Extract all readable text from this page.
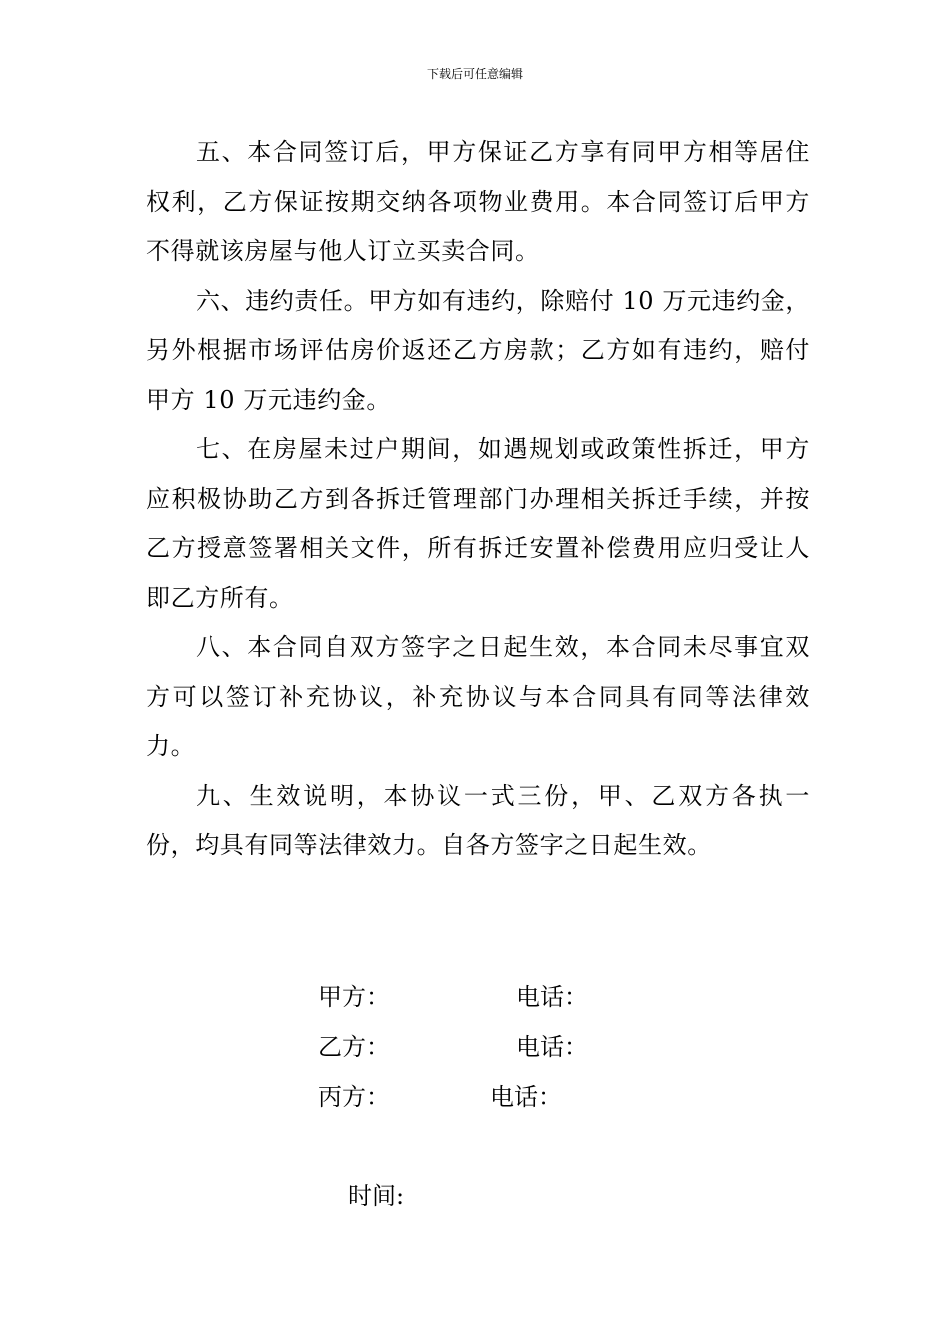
下载后可任意编辑

五、本合同签订后，甲方保证乙方享有同甲方相等居住权利，乙方保证按期交纳各项物业费用。本合同签订后甲方不得就该房屋与他人订立买卖合同。

六、违约责任。甲方如有违约，除赔付 10 万元违约金，另外根据市场评估房价返还乙方房款；乙方如有违约，赔付甲方 10 万元违约金。

七、在房屋未过户期间，如遇规划或政策性拆迁，甲方应积极协助乙方到各拆迁管理部门办理相关拆迁手续，并按乙方授意签署相关文件，所有拆迁安置补偿费用应归受让人即乙方所有。

八、本合同自双方签字之日起生效，本合同未尽事宜双方可以签订补充协议，补充协议与本合同具有同等法律效力。

九、生效说明，本协议一式三份，甲、乙双方各执一份，均具有同等法律效力。自各方签字之日起生效。

甲方：	电话：
乙方：	电话：
丙方：	电话：
时间:
